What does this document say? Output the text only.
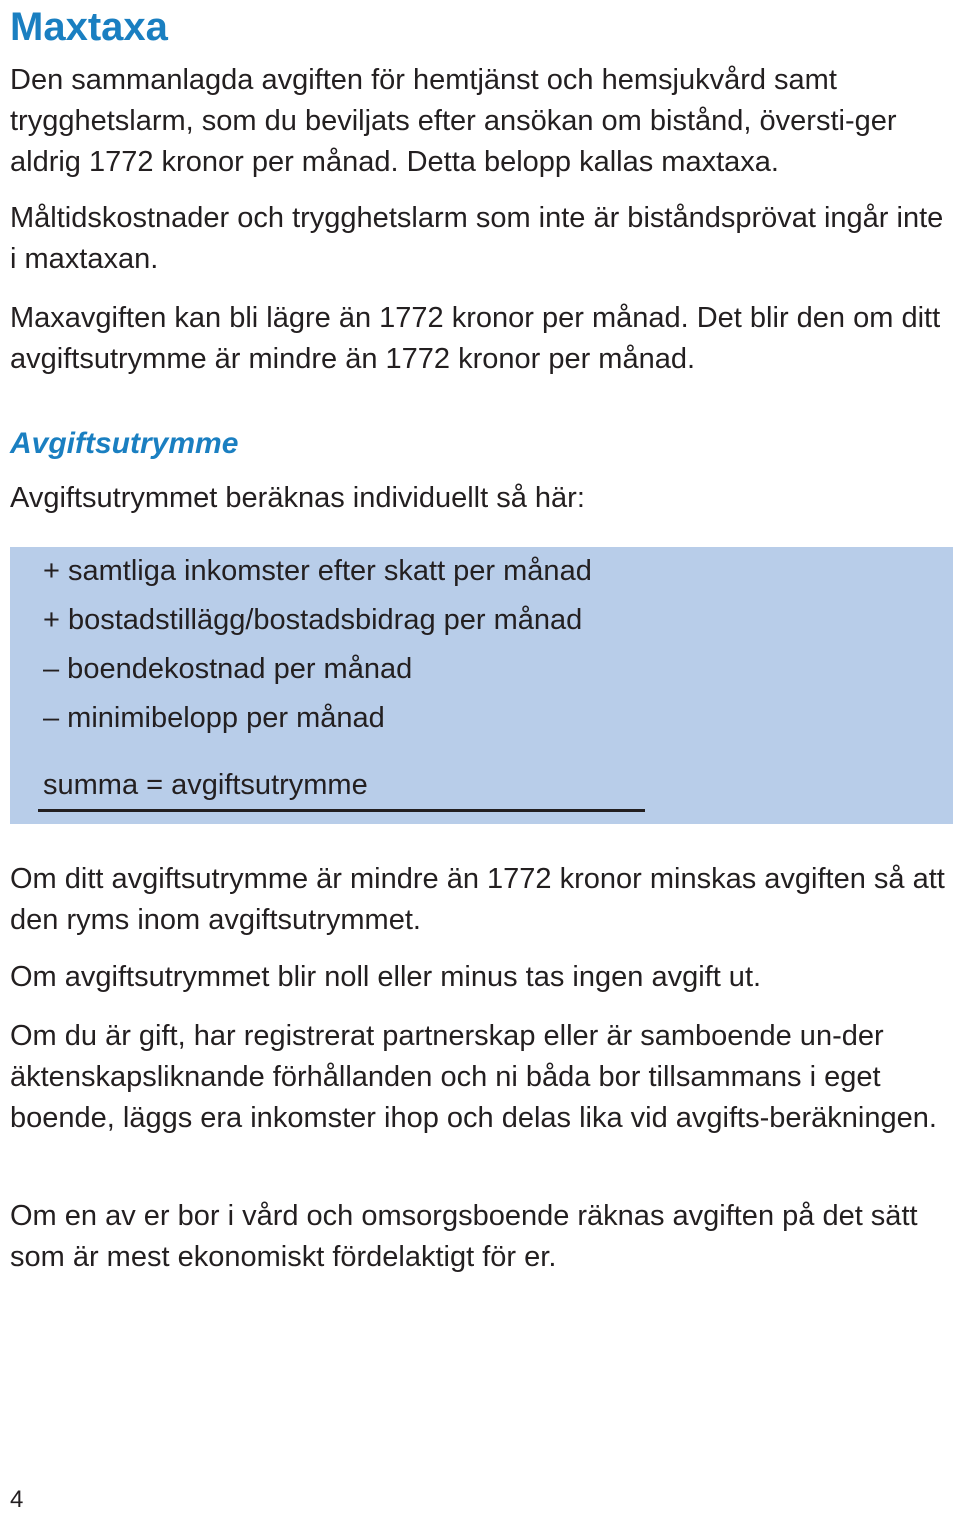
Maxtaxa

Den sammanlagda avgiften för hemtjänst och hemsjukvård samt trygghetslarm, som du beviljats efter ansökan om bistånd, översti-ger aldrig 1772 kronor per månad. Detta belopp kallas maxtaxa.

Måltidskostnader och trygghetslarm som inte är biståndsprövat ingår inte i maxtaxan.

Maxavgiften kan bli lägre än 1772 kronor per månad. Det blir den om ditt avgiftsutrymme är mindre än 1772 kronor per månad.

Avgiftsutrymme

Avgiftsutrymmet beräknas individuellt så här:

+ samtliga inkomster efter skatt per månad
+ bostadstillägg/bostadsbidrag per månad
– boendekostnad per månad
– minimibelopp per månad
summa = avgiftsutrymme

Om ditt avgiftsutrymme är mindre än 1772 kronor minskas avgiften så att den ryms inom avgiftsutrymmet.

Om avgiftsutrymmet blir noll eller minus tas ingen avgift ut.

Om du är gift, har registrerat partnerskap eller är samboende un-der äktenskapsliknande förhållanden och ni båda bor tillsammans i eget boende, läggs era inkomster ihop och delas lika vid avgifts-beräkningen.

Om en av er bor i vård och omsorgsboende räknas avgiften på det sätt som är mest ekonomiskt fördelaktigt för er.

4
